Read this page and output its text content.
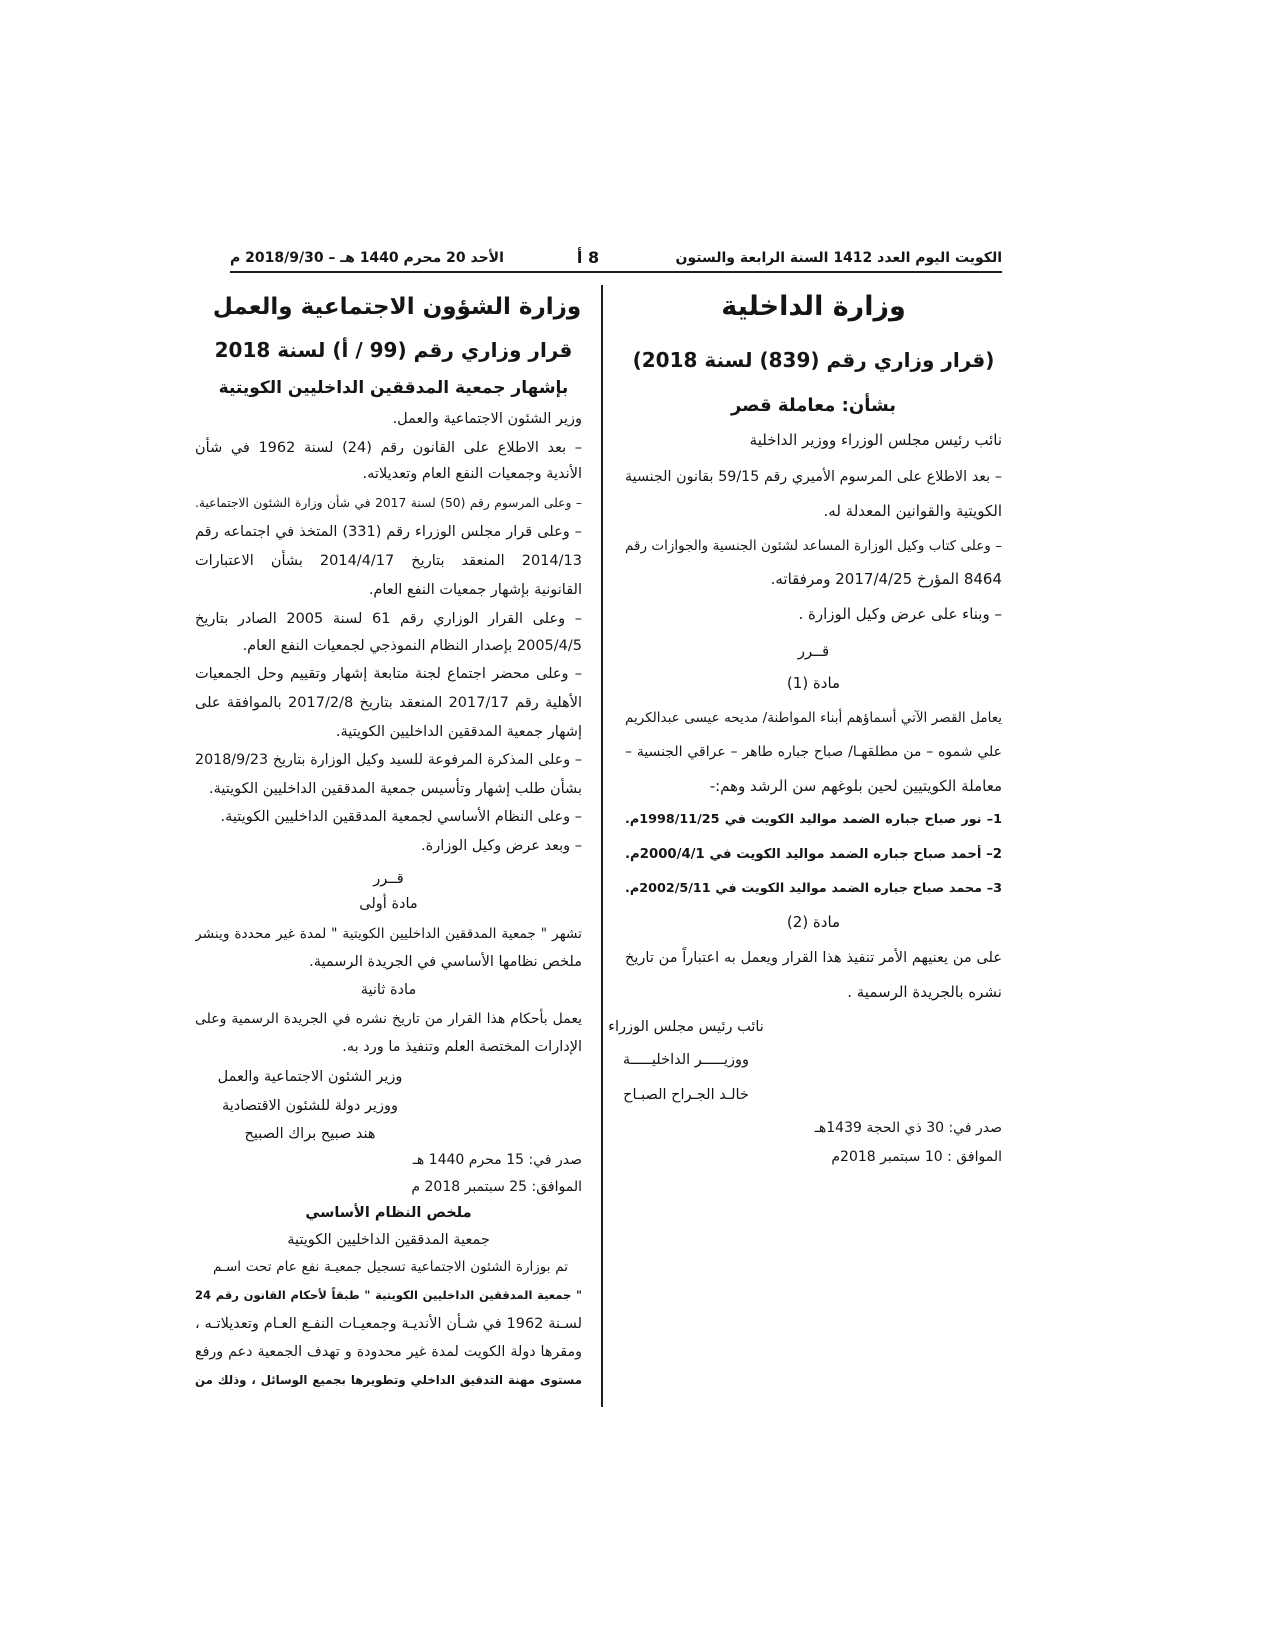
الكويت اليوم العدد 1412 السنة الرابعة والستون
8 أ
الأحد 20 محرم 1440 هـ – 2018/9/30 م
وزارة الداخلية
(قرار وزاري رقم (839) لسنة 2018)
بشأن: معاملة قصر
نائب رئيس مجلس الوزراء ووزير الداخلية
– بعد الاطلاع على المرسوم الأميري رقم 59/15 بقانون الجنسية
الكويتية والقوانين المعدلة له.
– وعلى كتاب وكيل الوزارة المساعد لشئون الجنسية والجوازات رقم
8464 المؤرخ 2017/4/25 ومرفقاته.
– وبناء على عرض وكيل الوزارة .
قــرر
مادة (1)
يعامل القصر الآتي أسماؤهم أبناء المواطنة/ مديحه عيسى عبدالكريم
علي شموه – من مطلقهـا/ صباح جباره طاهر – عراقي الجنسية –
معاملة الكويتيين لحين بلوغهم سن الرشد وهم:-
1– نور صباح جباره الضمد مواليد الكويت في 1998/11/25م.
2– أحمد صباح جباره الضمد مواليد الكويت في 2000/4/1م.
3– محمد صباح جباره الضمد مواليد الكويت في 2002/5/11م.
مادة (2)
على من يعنيهم الأمر تنفيذ هذا القرار ويعمل به اعتباراً من تاريخ
نشره بالجريدة الرسمية .
نائب رئيس مجلس الوزراء
ووزيـــــر الداخليـــــة
خالـد الجـراح الصبـاح
صدر في: 30 ذي الحجة 1439هـ
الموافق : 10 سبتمبر 2018م
وزارة الشؤون الاجتماعية والعمل
قرار وزاري رقم (99 / أ) لسنة 2018
بإشهار جمعية المدققين الداخليين الكويتية
وزير الشئون الاجتماعية والعمل.
– بعد الاطلاع على القانون رقم (24) لسنة 1962 في شأن
الأندية وجمعيات النفع العام وتعديلاته.
– وعلى المرسوم رقم (50) لسنة 2017 في شأن وزارة الشئون الاجتماعية.
– وعلى قرار مجلس الوزراء رقم (331) المتخذ في اجتماعه رقم
2014/13 المنعقد بتاريخ 2014/4/17 بشأن الاعتبارات
القانونية بإشهار جمعيات النفع العام.
– وعلى القرار الوزاري رقم 61 لسنة 2005 الصادر بتاريخ
2005/4/5 بإصدار النظام النموذجي لجمعيات النفع العام.
– وعلى محضر اجتماع لجنة متابعة إشهار وتقييم وحل الجمعيات
الأهلية رقم 2017/17 المنعقد بتاريخ 2017/2/8 بالموافقة على
إشهار جمعية المدققين الداخليين الكويتية.
– وعلى المذكرة المرفوعة للسيد وكيل الوزارة بتاريخ 2018/9/23
بشأن طلب إشهار وتأسيس جمعية المدققين الداخليين الكويتية.
– وعلى النظام الأساسي لجمعية المدققين الداخليين الكويتية.
– وبعد عرض وكيل الوزارة.
قــرر
مادة أولى
تشهر " جمعية المدققين الداخليين الكويتية " لمدة غير محددة وينشر
ملخص نظامها الأساسي في الجريدة الرسمية.
مادة ثانية
يعمل بأحكام هذا القرار من تاريخ نشره في الجريدة الرسمية وعلى
الإدارات المختصة العلم وتنفيذ ما ورد به.
وزير الشئون الاجتماعية والعمل
ووزير دولة للشئون الاقتصادية
هند صبيح براك الصبيح
صدر في: 15 محرم 1440 هـ
الموافق: 25 سبتمبر 2018 م
ملخص النظام الأساسي
جمعية المدققين الداخليين الكويتية
تم بوزارة الشئون الاجتماعية تسجيل جمعيـة نفع عام تحت اسـم
" جمعية المدققين الداخليين الكويتية " طبقاً لأحكام القانون رقم 24
لسـنة 1962 في شـأن الأنديـة وجمعيـات النفـع العـام وتعديلاتـه ،
ومقرها دولة الكويت لمدة غير محدودة و تهدف الجمعية دعم ورفع
مستوى مهنة التدقيق الداخلي وتطويرها بجميع الوسائل ، وذلك من
